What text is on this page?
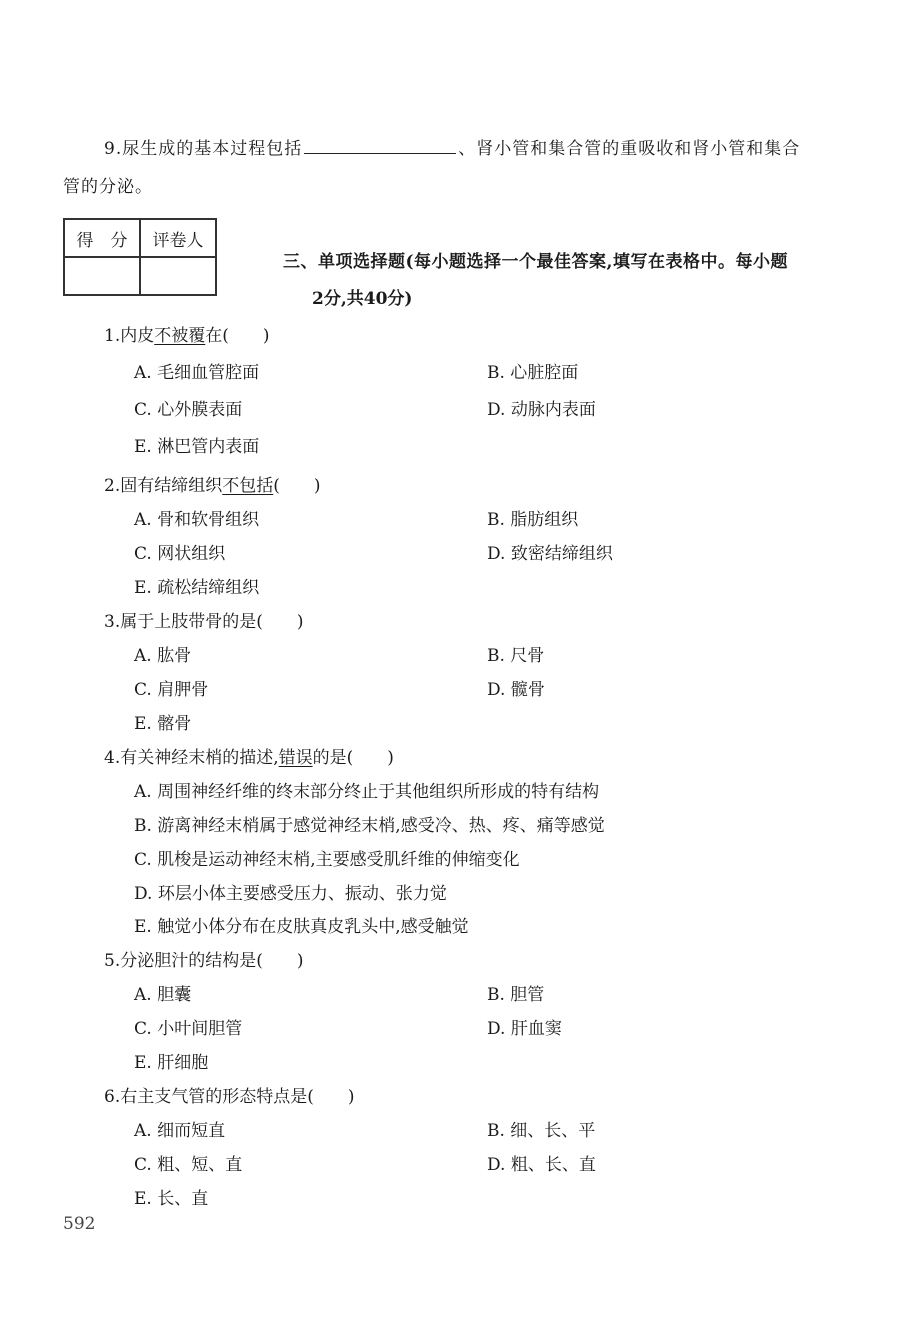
9.尿生成的基本过程包括	、肾小管和集合管的重吸收和肾小管和集合
管的分泌。
得　分	评卷人

三、单项选择题(每小题选择一个最佳答案,填写在表格中。每小题
2分,共40分)
1.内皮不被覆在(　　)
A. 毛细血管腔面	B. 心脏腔面
C. 心外膜表面	D. 动脉内表面
E. 淋巴管内表面
2.固有结缔组织不包括(　　)
A. 骨和软骨组织	B. 脂肪组织
C. 网状组织	D. 致密结缔组织
E. 疏松结缔组织
3.属于上肢带骨的是(　　)
A. 肱骨	B. 尺骨
C. 肩胛骨	D. 髋骨
E. 髂骨
4.有关神经末梢的描述,错误的是(　　)
A. 周围神经纤维的终末部分终止于其他组织所形成的特有结构
B. 游离神经末梢属于感觉神经末梢,感受冷、热、疼、痛等感觉
C. 肌梭是运动神经末梢,主要感受肌纤维的伸缩变化
D. 环层小体主要感受压力、振动、张力觉
E. 触觉小体分布在皮肤真皮乳头中,感受触觉
5.分泌胆汁的结构是(　　)
A. 胆囊	B. 胆管
C. 小叶间胆管	D. 肝血窦
E. 肝细胞
6.右主支气管的形态特点是(　　)
A. 细而短直	B. 细、长、平
C. 粗、短、直	D. 粗、长、直
E. 长、直
592
